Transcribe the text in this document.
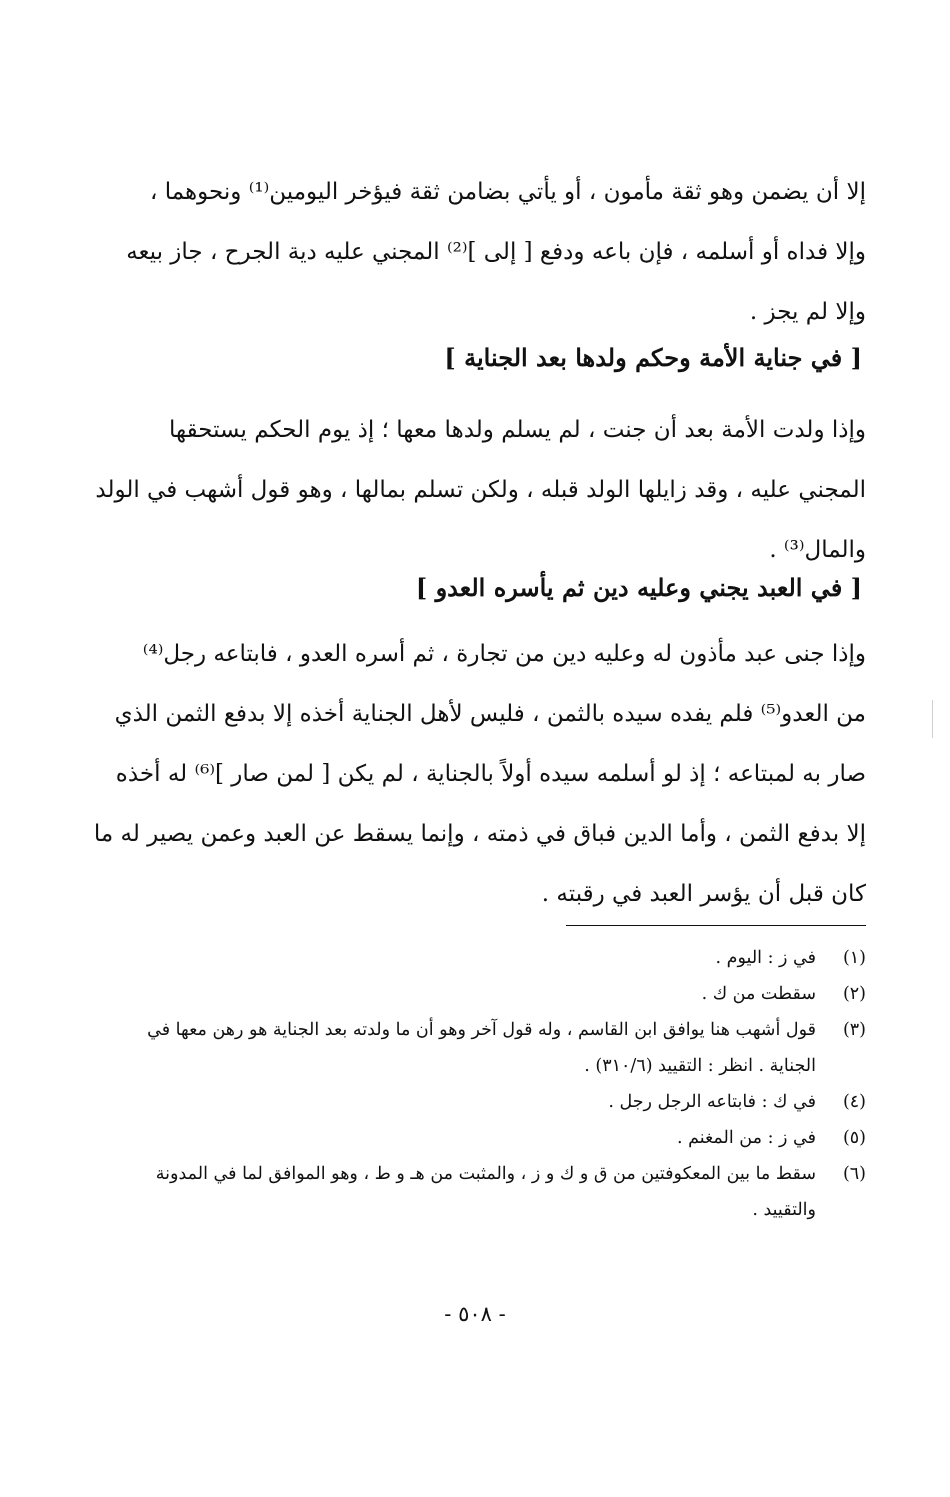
إلا أن يضمن وهو ثقة مأمون ، أو يأتي بضامن ثقة فيؤخر اليومين⁽¹⁾ ونحوهما ،
وإلا فداه أو أسلمه ، فإن باعه ودفع [ إلى ]⁽²⁾ المجني عليه دية الجرح ، جاز بيعه
وإلا لم يجز .
[ في جناية الأمة وحكم ولدها بعد الجناية ]
وإذا ولدت الأمة بعد أن جنت ، لم يسلم ولدها معها ؛ إذ يوم الحكم يستحقها
المجني عليه ، وقد زايلها الولد قبله ، ولكن تسلم بمالها ، وهو قول أشهب في الولد
والمال⁽³⁾ .
[ في العبد يجني وعليه دين ثم يأسره العدو ]
وإذا جنى عبد مأذون له وعليه دين من تجارة ، ثم أسره العدو ، فابتاعه رجل⁽⁴⁾
من العدو⁽⁵⁾ فلم يفده سيده بالثمن ، فليس لأهل الجناية أخذه إلا بدفع الثمن الذي
صار به لمبتاعه ؛ إذ لو أسلمه سيده أولاً بالجناية ، لم يكن [ لمن صار ]⁽⁶⁾ له أخذه
إلا بدفع الثمن ، وأما الدين فباق في ذمته ، وإنما يسقط عن العبد وعمن يصير له ما
كان قبل أن يؤسر العبد في رقبته .
(١)
في ز : اليوم .
(٢)
سقطت من ك .
(٣)
قول أشهب هنا يوافق ابن القاسم ، وله قول آخر وهو أن ما ولدته بعد الجناية هو رهن معها في
الجناية . انظر : التقييد (٣١٠/٦) .
(٤)
في ك : فابتاعه الرجل رجل .
(٥)
في ز : من المغنم .
(٦)
سقط ما بين المعكوفتين من ق و ك و ز ، والمثبت من هـ و ط ، وهو الموافق لما في المدونة
والتقييد .
- ٥٠٨ -
